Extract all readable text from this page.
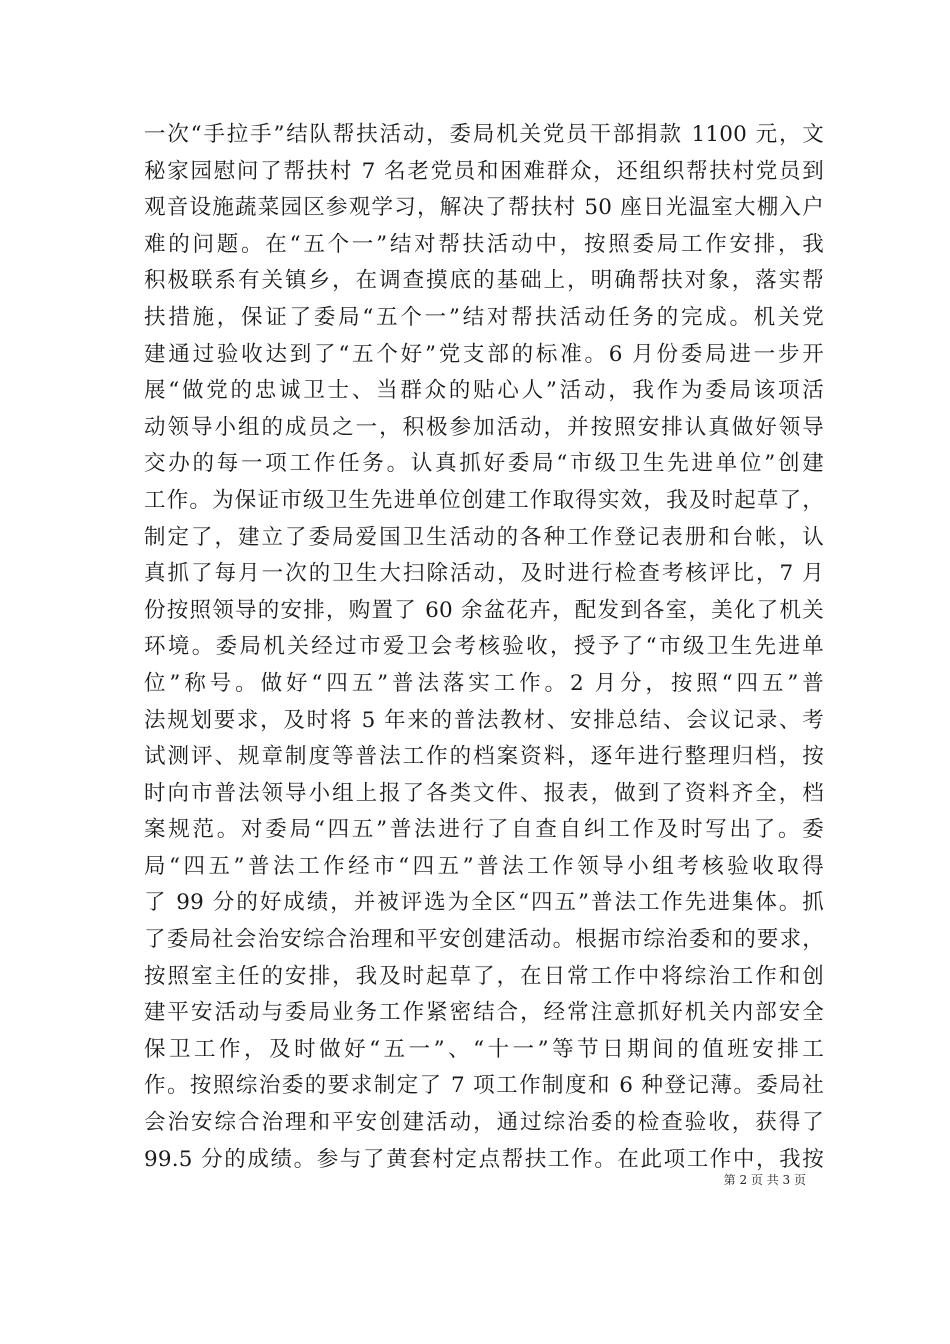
一次“手拉手”结队帮扶活动，委局机关党员干部捐款 1100 元，文
秘家园慰问了帮扶村 7 名老党员和困难群众，还组织帮扶村党员到
观音设施蔬菜园区参观学习，解决了帮扶村 50 座日光温室大棚入户
难的问题。在“五个一”结对帮扶活动中，按照委局工作安排，我
积极联系有关镇乡，在调查摸底的基础上，明确帮扶对象，落实帮
扶措施，保证了委局“五个一”结对帮扶活动任务的完成。机关党
建通过验收达到了“五个好”党支部的标准。6 月份委局进一步开
展“做党的忠诚卫士、当群众的贴心人”活动，我作为委局该项活
动领导小组的成员之一，积极参加活动，并按照安排认真做好领导
交办的每一项工作任务。认真抓好委局“市级卫生先进单位”创建
工作。为保证市级卫生先进单位创建工作取得实效，我及时起草了，
制定了，建立了委局爱国卫生活动的各种工作登记表册和台帐，认
真抓了每月一次的卫生大扫除活动，及时进行检查考核评比，7 月
份按照领导的安排，购置了 60 余盆花卉，配发到各室，美化了机关
环境。委局机关经过市爱卫会考核验收，授予了“市级卫生先进单
位”称号。做好“四五”普法落实工作。2 月分，按照“四五”普
法规划要求，及时将 5 年来的普法教材、安排总结、会议记录、考
试测评、规章制度等普法工作的档案资料，逐年进行整理归档，按
时向市普法领导小组上报了各类文件、报表，做到了资料齐全，档
案规范。对委局“四五”普法进行了自查自纠工作及时写出了。委
局“四五”普法工作经市“四五”普法工作领导小组考核验收取得
了 99 分的好成绩，并被评选为全区“四五”普法工作先进集体。抓
了委局社会治安综合治理和平安创建活动。根据市综治委和的要求，
按照室主任的安排，我及时起草了，在日常工作中将综治工作和创
建平安活动与委局业务工作紧密结合，经常注意抓好机关内部安全
保卫工作，及时做好“五一”、“十一”等节日期间的值班安排工
作。按照综治委的要求制定了 7 项工作制度和 6 种登记薄。委局社
会治安综合治理和平安创建活动，通过综治委的检查验收，获得了
99.5 分的成绩。参与了黄套村定点帮扶工作。在此项工作中，我按
第 2 页 共 3 页
